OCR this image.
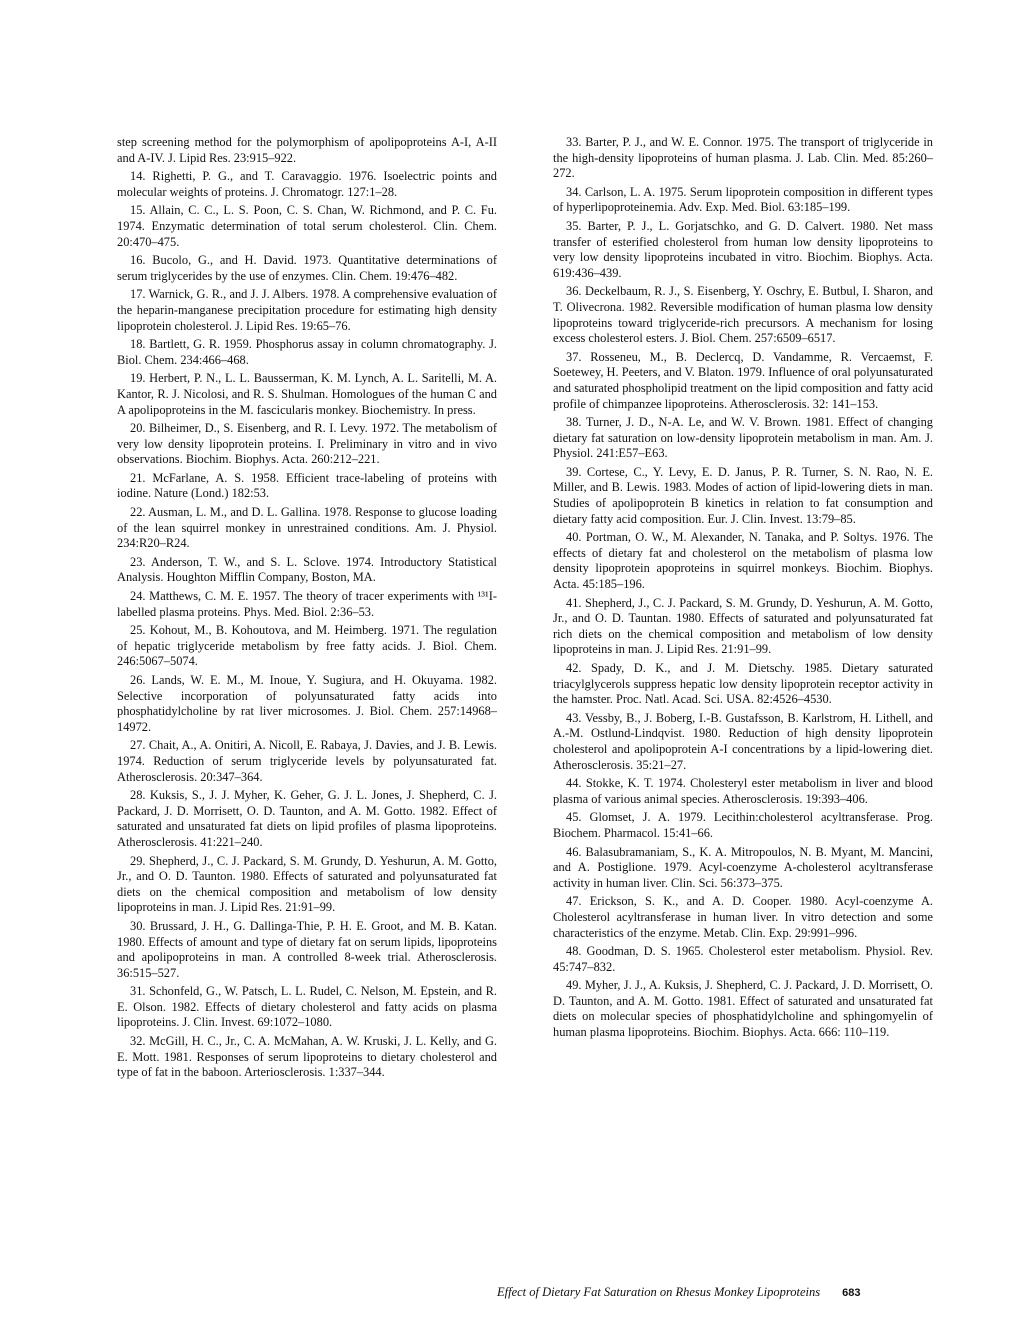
step screening method for the polymorphism of apolipoproteins A-I, A-II and A-IV. J. Lipid Res. 23:915–922.

14. Righetti, P. G., and T. Caravaggio. 1976. Isoelectric points and molecular weights of proteins. J. Chromatogr. 127:1–28.

15. Allain, C. C., L. S. Poon, C. S. Chan, W. Richmond, and P. C. Fu. 1974. Enzymatic determination of total serum cholesterol. Clin. Chem. 20:470–475.

16. Bucolo, G., and H. David. 1973. Quantitative determinations of serum triglycerides by the use of enzymes. Clin. Chem. 19:476–482.

17. Warnick, G. R., and J. J. Albers. 1978. A comprehensive evaluation of the heparin-manganese precipitation procedure for estimating high density lipoprotein cholesterol. J. Lipid Res. 19:65–76.

18. Bartlett, G. R. 1959. Phosphorus assay in column chromatography. J. Biol. Chem. 234:466–468.

19. Herbert, P. N., L. L. Bausserman, K. M. Lynch, A. L. Saritelli, M. A. Kantor, R. J. Nicolosi, and R. S. Shulman. Homologues of the human C and A apolipoproteins in the M. fascicularis monkey. Biochemistry. In press.

20. Bilheimer, D., S. Eisenberg, and R. I. Levy. 1972. The metabolism of very low density lipoprotein proteins. I. Preliminary in vitro and in vivo observations. Biochim. Biophys. Acta. 260:212–221.

21. McFarlane, A. S. 1958. Efficient trace-labeling of proteins with iodine. Nature (Lond.) 182:53.

22. Ausman, L. M., and D. L. Gallina. 1978. Response to glucose loading of the lean squirrel monkey in unrestrained conditions. Am. J. Physiol. 234:R20–R24.

23. Anderson, T. W., and S. L. Sclove. 1974. Introductory Statistical Analysis. Houghton Mifflin Company, Boston, MA.

24. Matthews, C. M. E. 1957. The theory of tracer experiments with ¹³¹I-labelled plasma proteins. Phys. Med. Biol. 2:36–53.

25. Kohout, M., B. Kohoutova, and M. Heimberg. 1971. The regulation of hepatic triglyceride metabolism by free fatty acids. J. Biol. Chem. 246:5067–5074.

26. Lands, W. E. M., M. Inoue, Y. Sugiura, and H. Okuyama. 1982. Selective incorporation of polyunsaturated fatty acids into phosphatidylcholine by rat liver microsomes. J. Biol. Chem. 257:14968–14972.

27. Chait, A., A. Onitiri, A. Nicoll, E. Rabaya, J. Davies, and J. B. Lewis. 1974. Reduction of serum triglyceride levels by polyunsaturated fat. Atherosclerosis. 20:347–364.

28. Kuksis, S., J. J. Myher, K. Geher, G. J. L. Jones, J. Shepherd, C. J. Packard, J. D. Morrisett, O. D. Taunton, and A. M. Gotto. 1982. Effect of saturated and unsaturated fat diets on lipid profiles of plasma lipoproteins. Atherosclerosis. 41:221–240.

29. Shepherd, J., C. J. Packard, S. M. Grundy, D. Yeshurun, A. M. Gotto, Jr., and O. D. Taunton. 1980. Effects of saturated and polyunsaturated fat diets on the chemical composition and metabolism of low density lipoproteins in man. J. Lipid Res. 21:91–99.

30. Brussard, J. H., G. Dallinga-Thie, P. H. E. Groot, and M. B. Katan. 1980. Effects of amount and type of dietary fat on serum lipids, lipoproteins and apolipoproteins in man. A controlled 8-week trial. Atherosclerosis. 36:515–527.

31. Schonfeld, G., W. Patsch, L. L. Rudel, C. Nelson, M. Epstein, and R. E. Olson. 1982. Effects of dietary cholesterol and fatty acids on plasma lipoproteins. J. Clin. Invest. 69:1072–1080.

32. McGill, H. C., Jr., C. A. McMahan, A. W. Kruski, J. L. Kelly, and G. E. Mott. 1981. Responses of serum lipoproteins to dietary cholesterol and type of fat in the baboon. Arteriosclerosis. 1:337–344.

33. Barter, P. J., and W. E. Connor. 1975. The transport of triglyceride in the high-density lipoproteins of human plasma. J. Lab. Clin. Med. 85:260–272.

34. Carlson, L. A. 1975. Serum lipoprotein composition in different types of hyperlipoproteinemia. Adv. Exp. Med. Biol. 63:185–199.

35. Barter, P. J., L. Gorjatschko, and G. D. Calvert. 1980. Net mass transfer of esterified cholesterol from human low density lipoproteins to very low density lipoproteins incubated in vitro. Biochim. Biophys. Acta. 619:436–439.

36. Deckelbaum, R. J., S. Eisenberg, Y. Oschry, E. Butbul, I. Sharon, and T. Olivecrona. 1982. Reversible modification of human plasma low density lipoproteins toward triglyceride-rich precursors. A mechanism for losing excess cholesterol esters. J. Biol. Chem. 257:6509–6517.

37. Rosseneu, M., B. Declercq, D. Vandamme, R. Vercaemst, F. Soetewey, H. Peeters, and V. Blaton. 1979. Influence of oral polyunsaturated and saturated phospholipid treatment on the lipid composition and fatty acid profile of chimpanzee lipoproteins. Atherosclerosis. 32: 141–153.

38. Turner, J. D., N-A. Le, and W. V. Brown. 1981. Effect of changing dietary fat saturation on low-density lipoprotein metabolism in man. Am. J. Physiol. 241:E57–E63.

39. Cortese, C., Y. Levy, E. D. Janus, P. R. Turner, S. N. Rao, N. E. Miller, and B. Lewis. 1983. Modes of action of lipid-lowering diets in man. Studies of apolipoprotein B kinetics in relation to fat consumption and dietary fatty acid composition. Eur. J. Clin. Invest. 13:79–85.

40. Portman, O. W., M. Alexander, N. Tanaka, and P. Soltys. 1976. The effects of dietary fat and cholesterol on the metabolism of plasma low density lipoprotein apoproteins in squirrel monkeys. Biochim. Biophys. Acta. 45:185–196.

41. Shepherd, J., C. J. Packard, S. M. Grundy, D. Yeshurun, A. M. Gotto, Jr., and O. D. Tauntan. 1980. Effects of saturated and polyunsaturated fat rich diets on the chemical composition and metabolism of low density lipoproteins in man. J. Lipid Res. 21:91–99.

42. Spady, D. K., and J. M. Dietschy. 1985. Dietary saturated triacylglycerols suppress hepatic low density lipoprotein receptor activity in the hamster. Proc. Natl. Acad. Sci. USA. 82:4526–4530.

43. Vessby, B., J. Boberg, I.-B. Gustafsson, B. Karlstrom, H. Lithell, and A.-M. Ostlund-Lindqvist. 1980. Reduction of high density lipoprotein cholesterol and apolipoprotein A-I concentrations by a lipid-lowering diet. Atherosclerosis. 35:21–27.

44. Stokke, K. T. 1974. Cholesteryl ester metabolism in liver and blood plasma of various animal species. Atherosclerosis. 19:393–406.

45. Glomset, J. A. 1979. Lecithin:cholesterol acyltransferase. Prog. Biochem. Pharmacol. 15:41–66.

46. Balasubramaniam, S., K. A. Mitropoulos, N. B. Myant, M. Mancini, and A. Postiglione. 1979. Acyl-coenzyme A-cholesterol acyltransferase activity in human liver. Clin. Sci. 56:373–375.

47. Erickson, S. K., and A. D. Cooper. 1980. Acyl-coenzyme A. Cholesterol acyltransferase in human liver. In vitro detection and some characteristics of the enzyme. Metab. Clin. Exp. 29:991–996.

48. Goodman, D. S. 1965. Cholesterol ester metabolism. Physiol. Rev. 45:747–832.

49. Myher, J. J., A. Kuksis, J. Shepherd, C. J. Packard, J. D. Morrisett, O. D. Taunton, and A. M. Gotto. 1981. Effect of saturated and unsaturated fat diets on molecular species of phosphatidylcholine and sphingomyelin of human plasma lipoproteins. Biochim. Biophys. Acta. 666: 110–119.

Effect of Dietary Fat Saturation on Rhesus Monkey Lipoproteins 683
